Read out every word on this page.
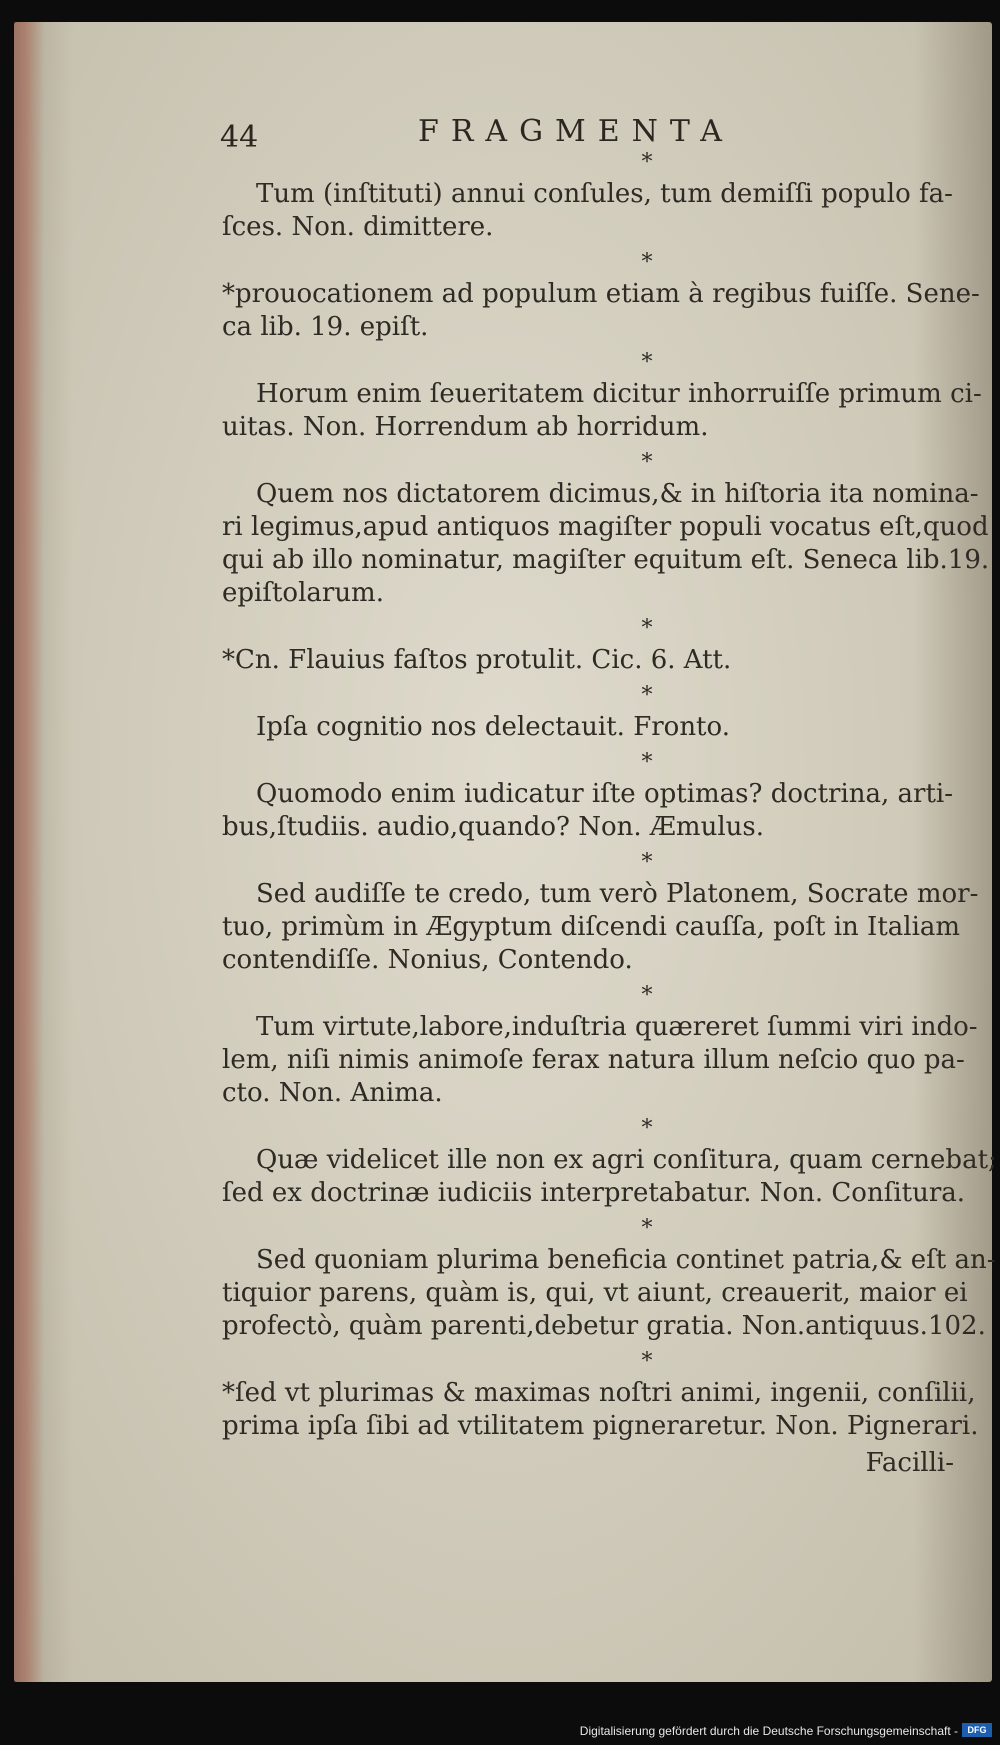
44	FRAGMENTA
*
Tum (inſtituti) annui conſules, tum demiſſi populo fa-
ſces. Non. dimittere.
*
*prouocationem ad populum etiam à regibus fuiſſe. Sene-
ca lib. 19. epiſt.
*
Horum enim ſeueritatem dicitur inhorruiſſe primum ci-
uitas. Non. Horrendum ab horridum.
*
Quem nos dictatorem dicimus,& in hiſtoria ita nomina-
ri legimus,apud antiquos magiſter populi vocatus eſt,quod
qui ab illo nominatur, magiſter equitum eſt. Seneca lib.19.
epiſtolarum.
*
*Cn. Flauius faſtos protulit. Cic. 6. Att.
*
Ipſa cognitio nos delectauit. Fronto.
*
Quomodo enim iudicatur iſte optimas? doctrina, arti-
bus,ſtudiis. audio,quando? Non. Æmulus.
*
Sed audiſſe te credo, tum verò Platonem, Socrate mor-
tuo, primùm in Ægyptum diſcendi cauſſa, poſt in Italiam
contendiſſe. Nonius, Contendo.
*
Tum virtute,labore,induſtria quæreret ſummi viri indo-
lem, niſi nimis animoſe ferax natura illum neſcio quo pa-
cto. Non. Anima.
*
Quæ videlicet ille non ex agri conſitura, quam cernebat;
ſed ex doctrinæ iudiciis interpretabatur. Non. Conſitura.
*
Sed quoniam plurima beneficia continet patria,& eſt an-
tiquior parens, quàm is, qui, vt aiunt, creauerit, maior ei
profectò, quàm parenti,debetur gratia. Non.antiquus.102.
*
*ſed vt plurimas & maximas noſtri animi, ingenii, conſilii,
prima ipſa ſibi ad vtilitatem pigneraretur. Non. Pignerari.
Facilli-
Digitalisierung gefördert durch die Deutsche Forschungsgemeinschaft -	DFG
